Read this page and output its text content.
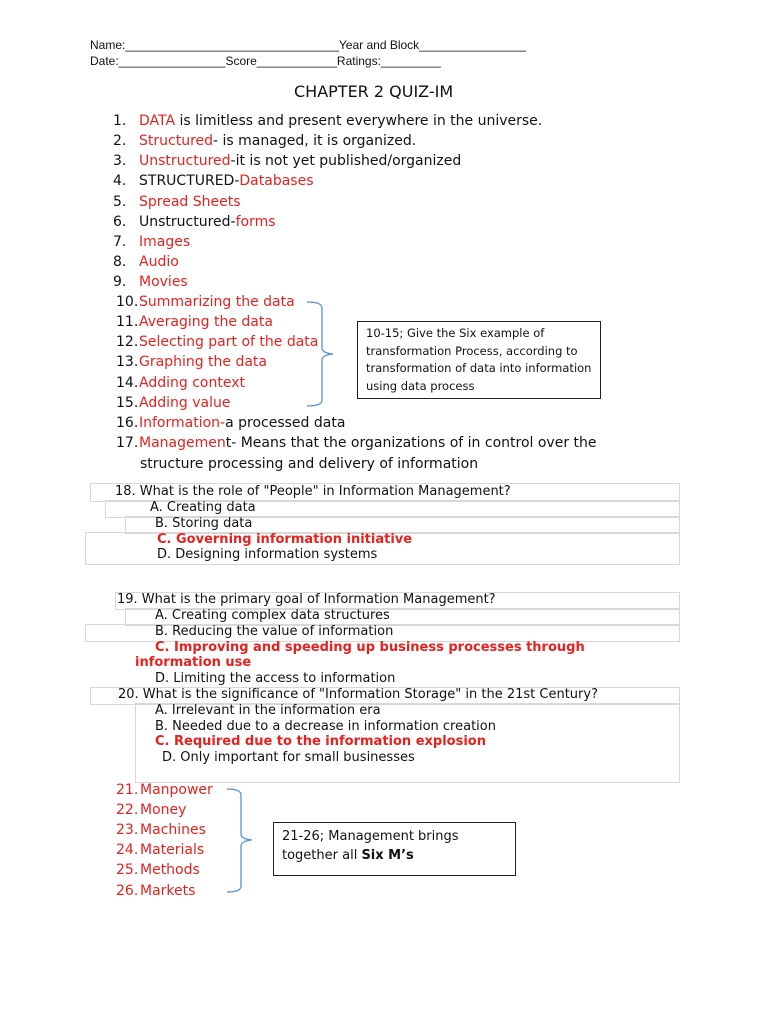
Name:________________________________Year and Block________________
Date:________________Score____________Ratings:_________
CHAPTER 2 QUIZ-IM
1. DATA is limitless and present everywhere in the universe.
2. Structured- is managed, it is organized.
3. Unstructured-it is not yet published/organized
4. STRUCTURED-Databases
5. Spread Sheets
6. Unstructured-forms
7. Images
8. Audio
9. Movies
10.Summarizing the data
11.Averaging the data
12.Selecting part of the data
13.Graphing the data
14.Adding context
15.Adding value
16.Information-a processed data
17.Management- Means that the organizations of in control over the
structure processing and delivery of information
10-15; Give the Six example of transformation Process, according to transformation of data into information using data process
18. What is the role of "People" in Information Management?
A. Creating data
B. Storing data
C. Governing information initiative
D. Designing information systems
19. What is the primary goal of Information Management?
A. Creating complex data structures
B. Reducing the value of information
C. Improving and speeding up business processes through
information use
D. Limiting the access to information
20. What is the significance of "Information Storage" in the 21st Century?
A. Irrelevant in the information era
B. Needed due to a decrease in information creation
C. Required due to the information explosion
D. Only important for small businesses
21. Manpower
22. Money
23. Machines
24. Materials
25. Methods
26. Markets
21-26; Management brings
together all Six M’s
